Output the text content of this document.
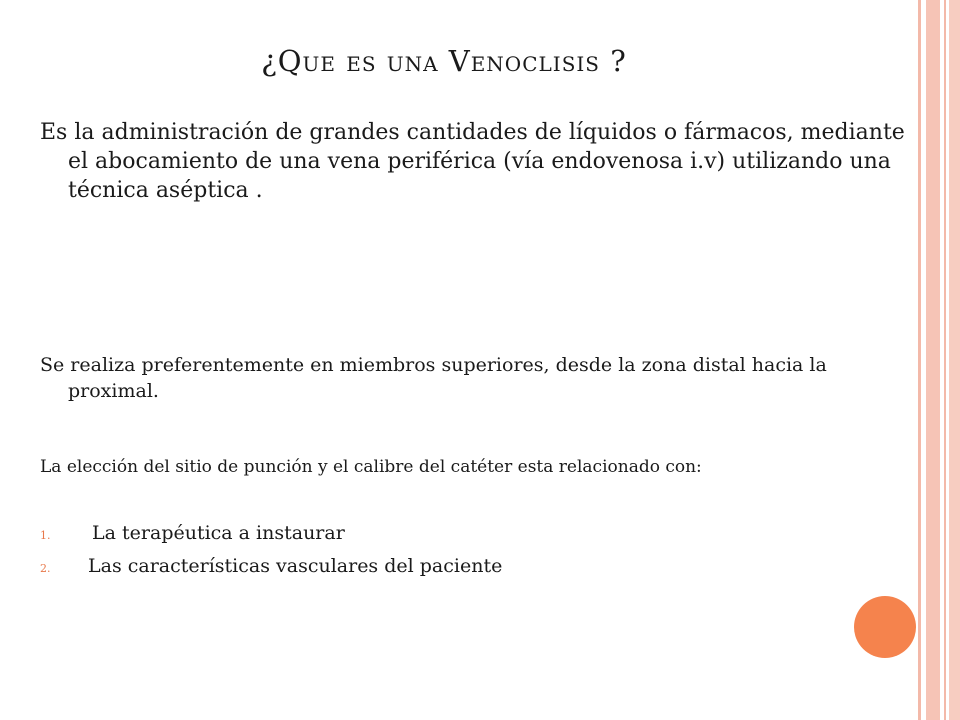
¿Que es una Venoclisis ?

Es la administración de grandes cantidades de líquidos o fármacos, mediante el abocamiento de una vena periférica (vía endovenosa i.v) utilizando una técnica aséptica .

Se realiza preferentemente en miembros superiores, desde la zona distal hacia la proximal.

La elección del sitio de punción y el calibre del catéter esta relacionado con:

1.	La terapéutica a instaurar
2.	Las características vasculares del paciente
